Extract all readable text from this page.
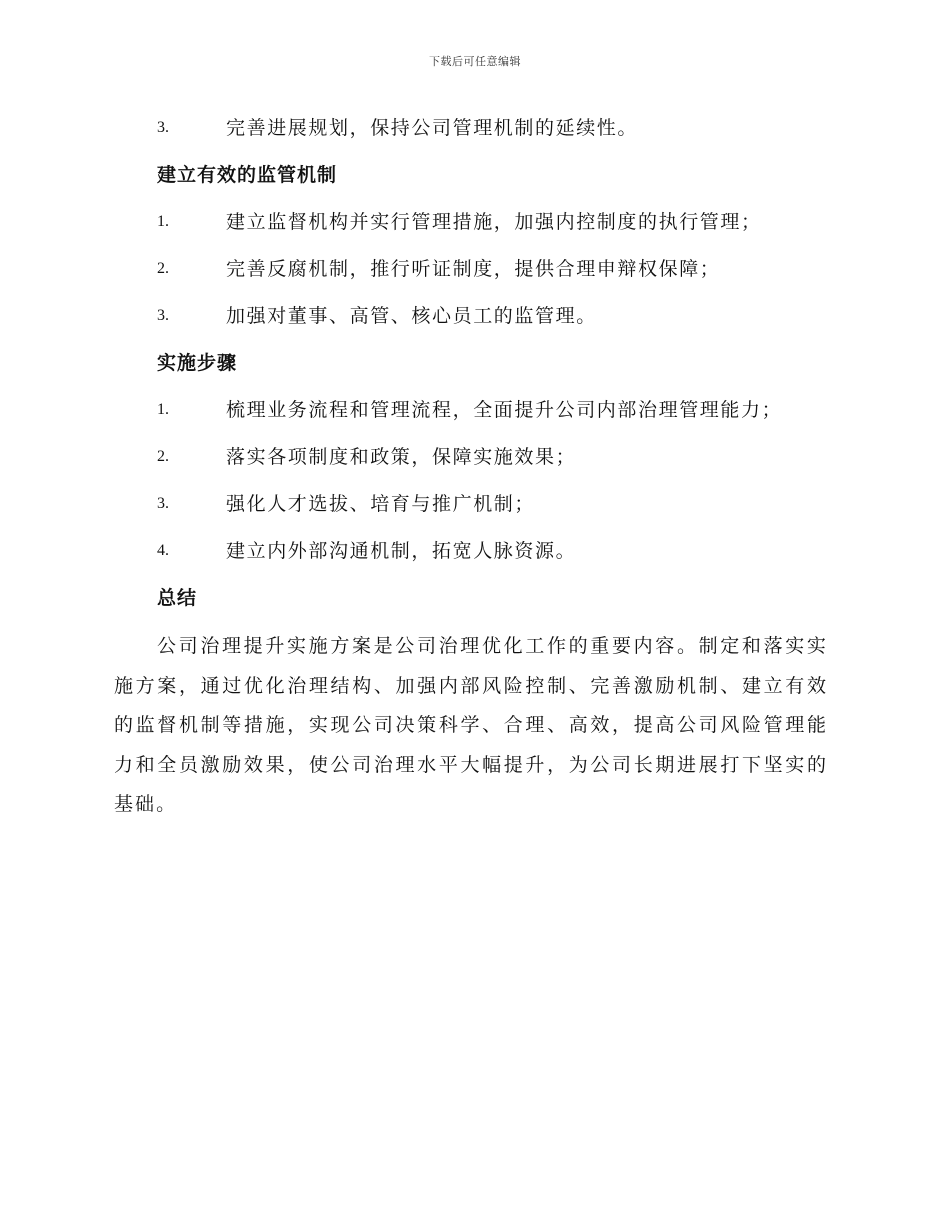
下载后可任意编辑
3.	完善进展规划，保持公司管理机制的延续性。
建立有效的监管机制
1.	建立监督机构并实行管理措施，加强内控制度的执行管理；
2.	完善反腐机制，推行听证制度，提供合理申辩权保障；
3.	加强对董事、高管、核心员工的监管理。
实施步骤
1.	梳理业务流程和管理流程，全面提升公司内部治理管理能力；
2.	落实各项制度和政策，保障实施效果；
3.	强化人才选拔、培育与推广机制；
4.	建立内外部沟通机制，拓宽人脉资源。
总结

公司治理提升实施方案是公司治理优化工作的重要内容。制定和落实实施方案，通过优化治理结构、加强内部风险控制、完善激励机制、建立有效的监督机制等措施，实现公司决策科学、合理、高效，提高公司风险管理能力和全员激励效果，使公司治理水平大幅提升，为公司长期进展打下坚实的基础。
